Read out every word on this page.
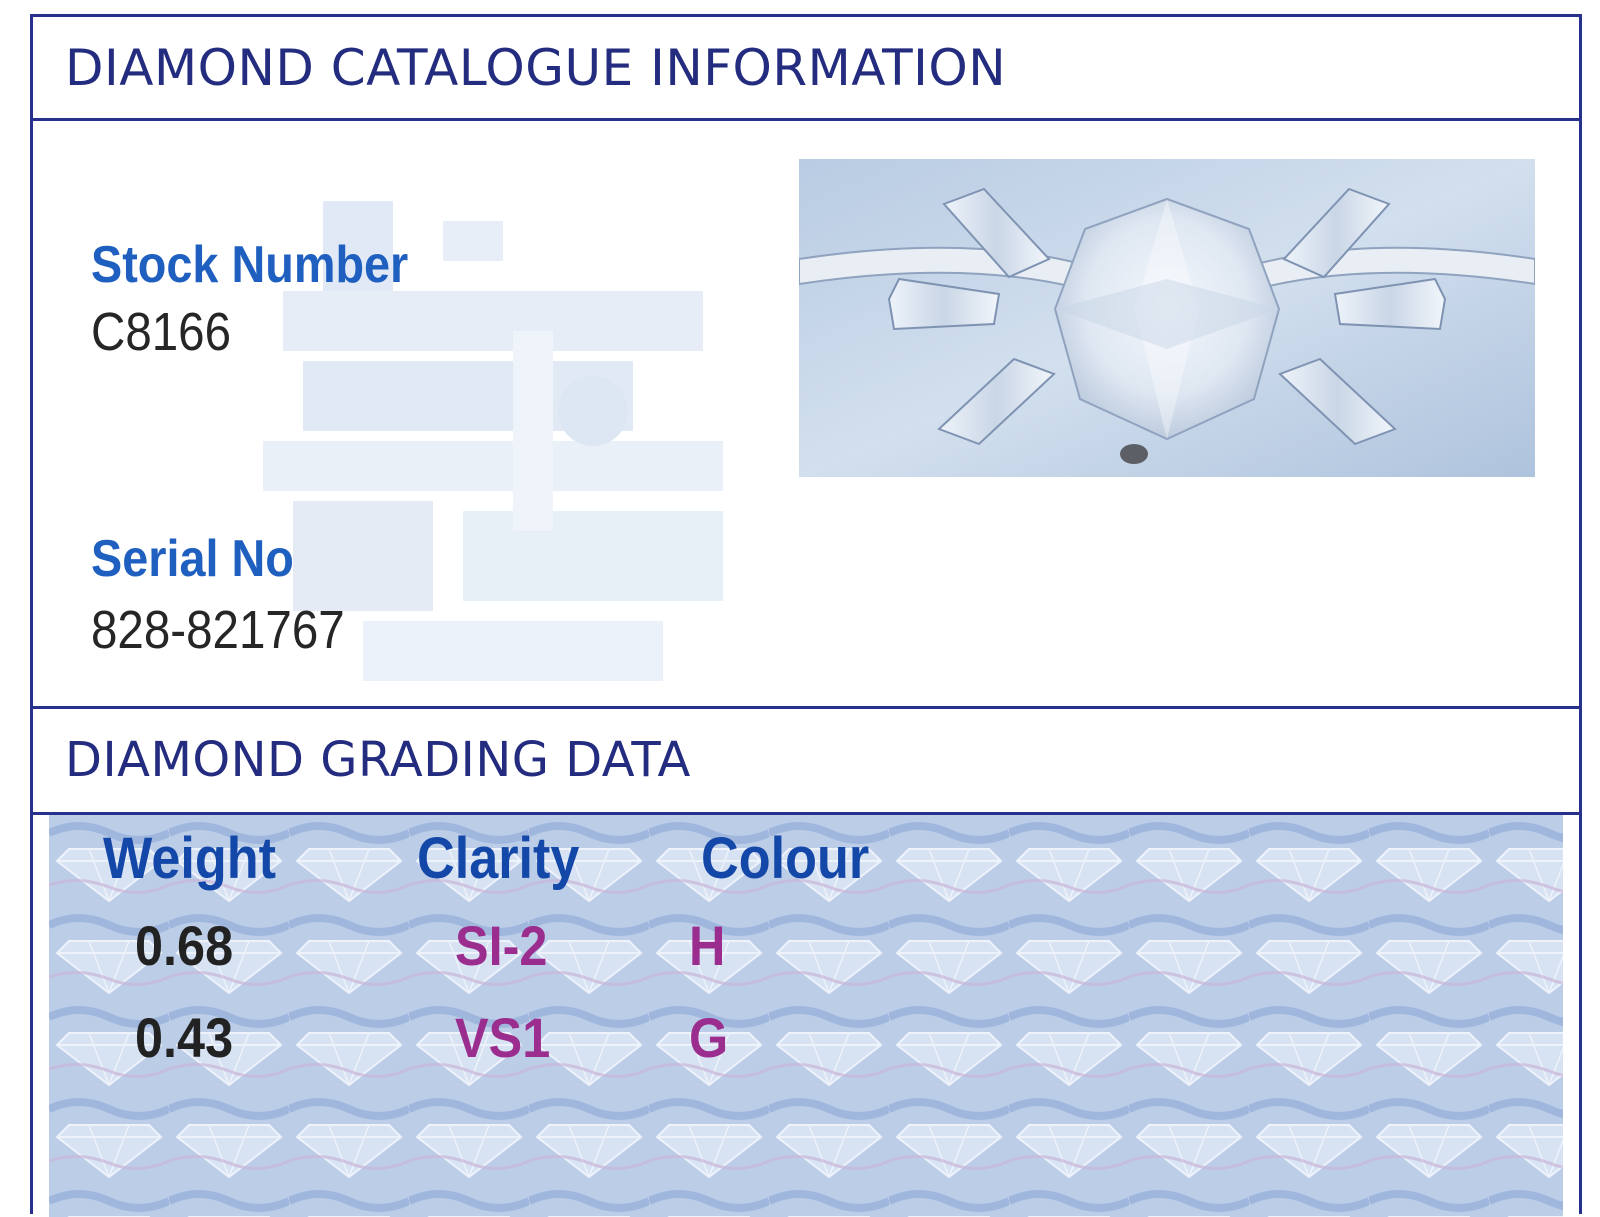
DIAMOND CATALOGUE INFORMATION

Stock Number

C8166

Serial No

828-821767

DIAMOND GRADING DATA

Weight Clarity Colour

0.68	SI-2	H

0.43	VS1 G
